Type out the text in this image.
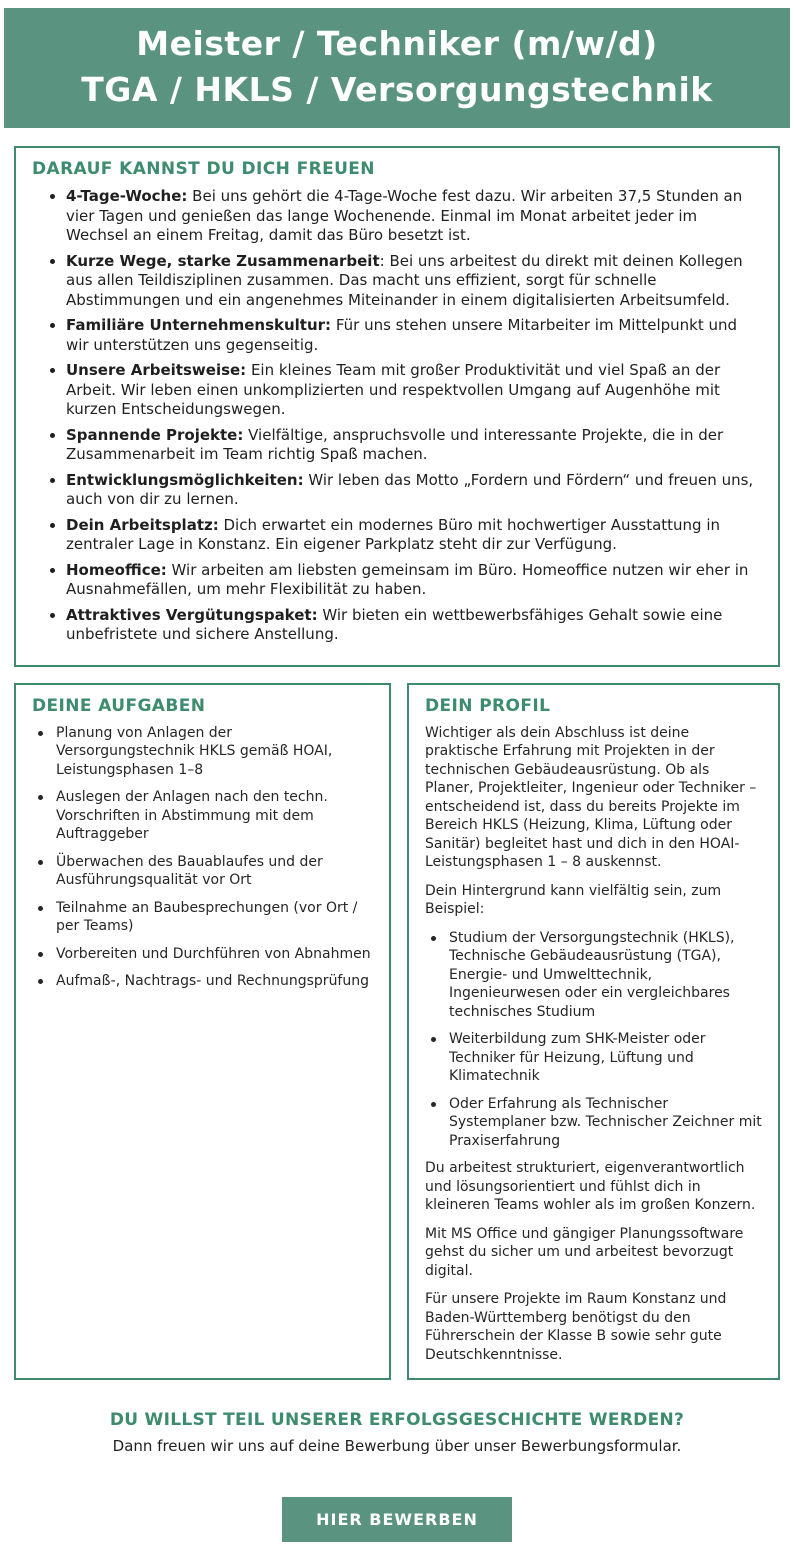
Meister / Techniker (m/w/d)
TGA / HKLS / Versorgungstechnik
DARAUF KANNST DU DICH FREUEN
4-Tage-Woche: Bei uns gehört die 4-Tage-Woche fest dazu. Wir arbeiten 37,5 Stunden an vier Tagen und genießen das lange Wochenende. Einmal im Monat arbeitet jeder im Wechsel an einem Freitag, damit das Büro besetzt ist.
Kurze Wege, starke Zusammenarbeit: Bei uns arbeitest du direkt mit deinen Kollegen aus allen Teildisziplinen zusammen. Das macht uns effizient, sorgt für schnelle Abstimmungen und ein angenehmes Miteinander in einem digitalisierten Arbeitsumfeld.
Familiäre Unternehmenskultur: Für uns stehen unsere Mitarbeiter im Mittelpunkt und wir unterstützen uns gegenseitig.
Unsere Arbeitsweise: Ein kleines Team mit großer Produktivität und viel Spaß an der Arbeit. Wir leben einen unkomplizierten und respektvollen Umgang auf Augenhöhe mit kurzen Entscheidungswegen.
Spannende Projekte: Vielfältige, anspruchsvolle und interessante Projekte, die in der Zusammenarbeit im Team richtig Spaß machen.
Entwicklungsmöglichkeiten: Wir leben das Motto „Fordern und Fördern“ und freuen uns, auch von dir zu lernen.
Dein Arbeitsplatz: Dich erwartet ein modernes Büro mit hochwertiger Ausstattung in zentraler Lage in Konstanz. Ein eigener Parkplatz steht dir zur Verfügung.
Homeoffice: Wir arbeiten am liebsten gemeinsam im Büro. Homeoffice nutzen wir eher in Ausnahmefällen, um mehr Flexibilität zu haben.
Attraktives Vergütungspaket: Wir bieten ein wettbewerbsfähiges Gehalt sowie eine unbefristete und sichere Anstellung.
DEINE AUFGABEN
Planung von Anlagen der Versorgungstechnik HKLS gemäß HOAI, Leistungsphasen 1–8
Auslegen der Anlagen nach den techn. Vorschriften in Abstimmung mit dem Auftraggeber
Überwachen des Bauablaufes und der Ausführungsqualität vor Ort
Teilnahme an Baubesprechungen (vor Ort / per Teams)
Vorbereiten und Durchführen von Abnahmen
Aufmaß-, Nachtrags- und Rechnungsprüfung
DEIN PROFIL

Wichtiger als dein Abschluss ist deine praktische Erfahrung mit Projekten in der technischen Gebäudeausrüstung. Ob als Planer, Projektleiter, Ingenieur oder Techniker – entscheidend ist, dass du bereits Projekte im Bereich HKLS (Heizung, Klima, Lüftung oder Sanitär) begleitet hast und dich in den HOAI-Leistungsphasen 1 – 8 auskennst.

Dein Hintergrund kann vielfältig sein, zum Beispiel:

Studium der Versorgungstechnik (HKLS), Technische Gebäudeausrüstung (TGA), Energie- und Umwelttechnik, Ingenieurwesen oder ein vergleichbares technisches Studium
Weiterbildung zum SHK-Meister oder Techniker für Heizung, Lüftung und Klimatechnik
Oder Erfahrung als Technischer Systemplaner bzw. Technischer Zeichner mit Praxiserfahrung

Du arbeitest strukturiert, eigenverantwortlich und lösungsorientiert und fühlst dich in kleineren Teams wohler als im großen Konzern.

Mit MS Office und gängiger Planungssoftware gehst du sicher um und arbeitest bevorzugt digital.

Für unsere Projekte im Raum Konstanz und Baden-Württemberg benötigst du den Führerschein der Klasse B sowie sehr gute Deutschkenntnisse.

DU WILLST TEIL UNSERER ERFOLGSGESCHICHTE WERDEN?
Dann freuen wir uns auf deine Bewerbung über unser Bewerbungsformular.
HIER BEWERBEN
